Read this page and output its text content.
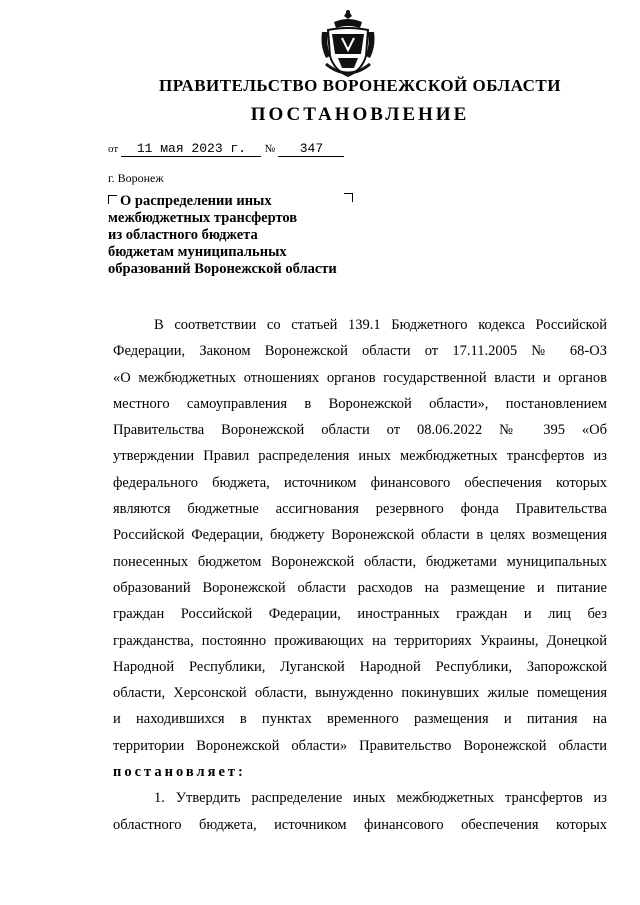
ПРАВИТЕЛЬСТВО ВОРОНЕЖСКОЙ ОБЛАСТИ
ПОСТАНОВЛЕНИЕ
от 11 мая 2023 г. № 347
г. Воронеж
О распределении иных
межбюджетных трансфертов
из областного бюджета
бюджетам муниципальных
образований Воронежской области
В соответствии со статьей 139.1 Бюджетного кодекса Российской
Федерации, Законом Воронежской области от 17.11.2005 № 68-ОЗ
«О межбюджетных отношениях органов государственной власти и органов
местного самоуправления в Воронежской области», постановлением
Правительства Воронежской области от 08.06.2022 № 395 «Об
утверждении Правил распределения иных межбюджетных трансфертов из
федерального бюджета, источником финансового обеспечения которых
являются бюджетные ассигнования резервного фонда Правительства
Российской Федерации, бюджету Воронежской области в целях возмещения
понесенных бюджетом Воронежской области, бюджетами муниципальных
образований Воронежской области расходов на размещение и питание
граждан Российской Федерации, иностранных граждан и лиц без
гражданства, постоянно проживающих на территориях Украины, Донецкой
Народной Республики, Луганской Народной Республики, Запорожской
области, Херсонской области, вынужденно покинувших жилые помещения
и находившихся в пунктах временного размещения и питания на
территории Воронежской области» Правительство Воронежской области
постановляет:
1. Утвердить распределение иных межбюджетных трансфертов из
областного бюджета, источником финансового обеспечения которых
